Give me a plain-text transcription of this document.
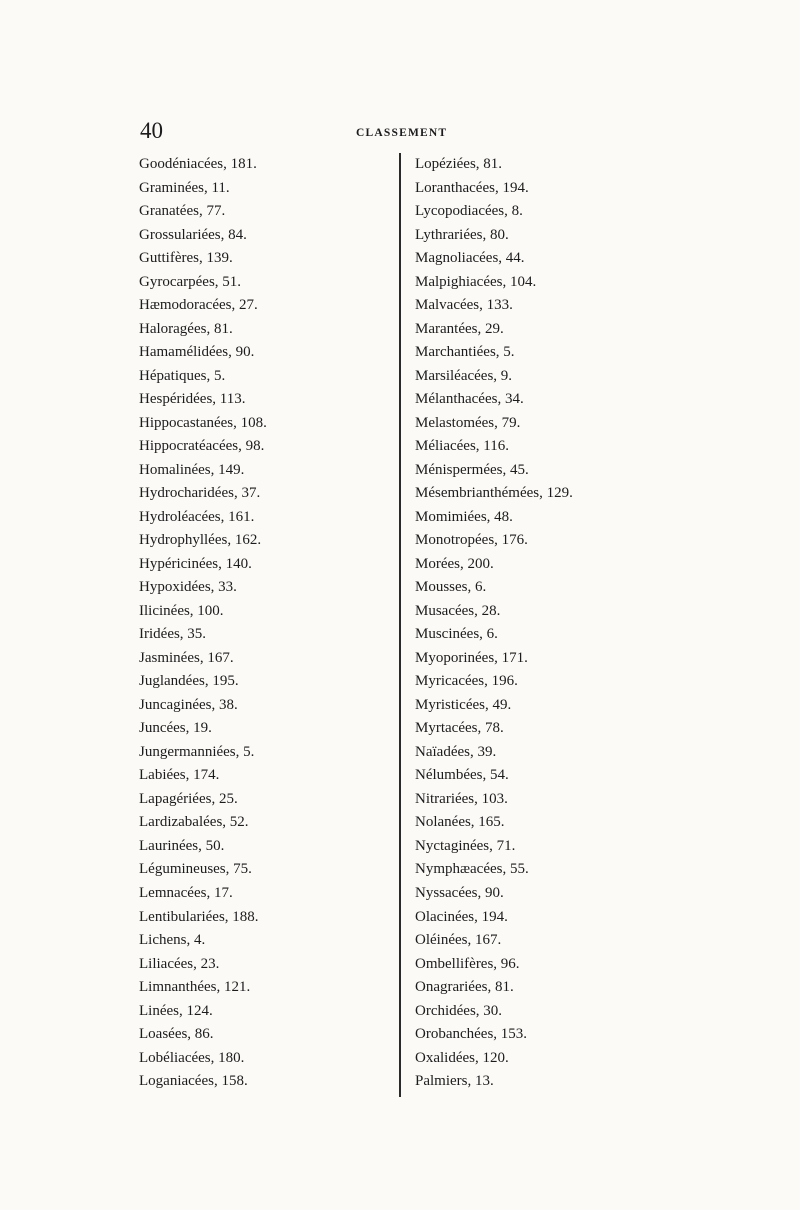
40	CLASSEMENT
Goodéniacées, 181.
Graminées, 11.
Granatées, 77.
Grossulariées, 84.
Guttifères, 139.
Gyrocarpées, 51.
Hæmodoracées, 27.
Haloragées, 81.
Hamamélidées, 90.
Hépatiques, 5.
Hespéridées, 113.
Hippocastanées, 108.
Hippocratéacées, 98.
Homalinées, 149.
Hydrocharidées, 37.
Hydroléacées, 161.
Hydrophyllées, 162.
Hypéricinées, 140.
Hypoxidées, 33.
Ilicinées, 100.
Iridées, 35.
Jasminées, 167.
Juglandées, 195.
Juncaginées, 38.
Juncées, 19.
Jungermanniées, 5.
Labiées, 174.
Lapagériées, 25.
Lardizabalées, 52.
Laurinées, 50.
Légumineuses, 75.
Lemnacées, 17.
Lentibulariées, 188.
Lichens, 4.
Liliacées, 23.
Limnanthées, 121.
Linées, 124.
Loasées, 86.
Lobéliacées, 180.
Loganiacées, 158.
Lopéziées, 81.
Loranthacées, 194.
Lycopodiacées, 8.
Lythrariées, 80.
Magnoliacées, 44.
Malpighiacées, 104.
Malvacées, 133.
Marantées, 29.
Marchantiées, 5.
Marsiléacées, 9.
Mélanthacées, 34.
Melastomées, 79.
Méliacées, 116.
Ménispermées, 45.
Mésembrianthémées, 129.
Momimiées, 48.
Monotropées, 176.
Morées, 200.
Mousses, 6.
Musacées, 28.
Muscinées, 6.
Myoporinées, 171.
Myricacées, 196.
Myristicées, 49.
Myrtacées, 78.
Naïadées, 39.
Nélumbées, 54.
Nitrariées, 103.
Nolanées, 165.
Nyctaginées, 71.
Nymphæacées, 55.
Nyssacées, 90.
Olacinées, 194.
Oléinées, 167.
Ombellifères, 96.
Onagrariées, 81.
Orchidées, 30.
Orobanchées, 153.
Oxalidées, 120.
Palmiers, 13.
